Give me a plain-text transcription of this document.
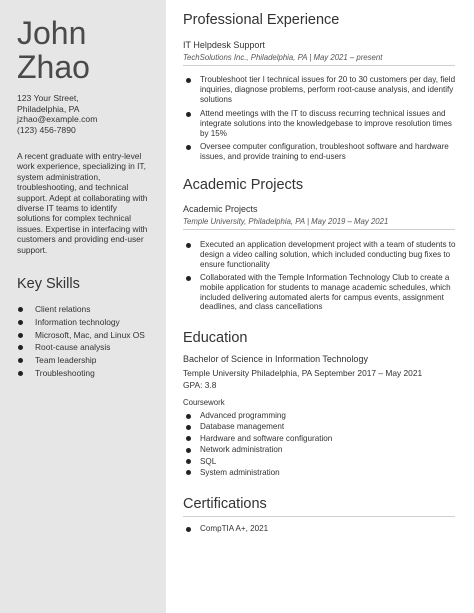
John
Zhao
123 Your Street,
Philadelphia, PA
jzhao@example.com
(123) 456-7890
A recent graduate with entry-level work experience, specializing in IT, system administration, troubleshooting, and technical support. Adept at collaborating with diverse IT teams to identify solutions for complex technical issues. Expertise in interfacing with customers and providing end-user support.
Key Skills
Client relations
Information technology
Microsoft, Mac, and Linux OS
Root-cause analysis
Team leadership
Troubleshooting
Professional Experience
IT Helpdesk Support
TechSolutions Inc., Philadelphia, PA | May 2021 – present
Troubleshoot tier I technical issues for 20 to 30 customers per day, field inquiries, diagnose problems, perform root-cause analysis, and identify solutions
Attend meetings with the IT to discuss recurring technical issues and integrate solutions into the knowledgebase to improve resolution times by 15%
Oversee computer configuration, troubleshoot software and hardware issues, and provide training to end-users
Academic Projects
Academic Projects
Temple University, Philadelphia, PA | May 2019 – May 2021
Executed an application development project with a team of students to design a video calling solution, which included conducting bug fixes to ensure functionality
Collaborated with the Temple Information Technology Club to create a mobile application for students to manage academic schedules, which included delivering automated alerts for campus events, assignment deadlines, and class cancellations
Education
Bachelor of Science in Information Technology
Temple University Philadelphia, PA September 2017 – May 2021
GPA: 3.8
Coursework
Advanced programming
Database management
Hardware and software configuration
Network administration
SQL
System administration
Certifications
CompTIA A+, 2021
